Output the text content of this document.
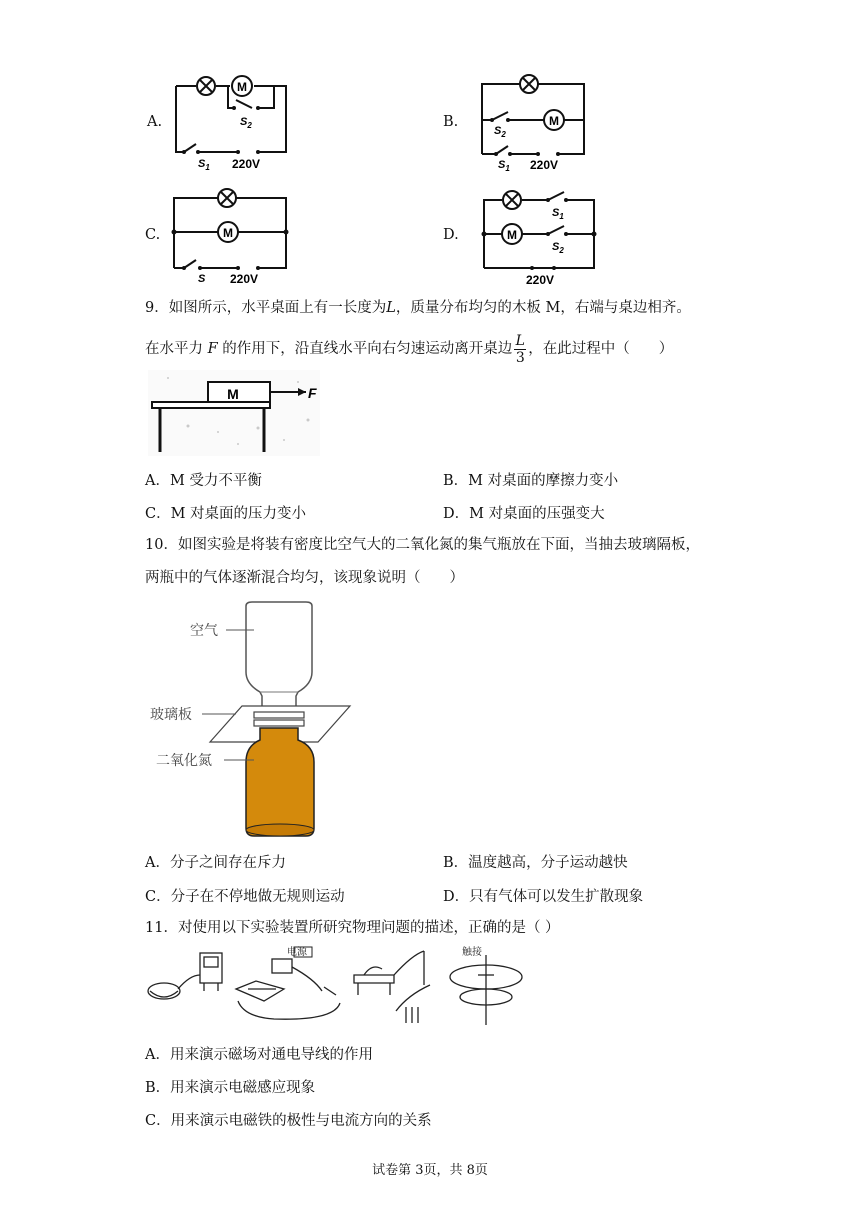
A.
M
$S_2$
$S_1$ 220V
B.	M
$S_2$
$S_1$ 220V
C.	M
S 220V
D.	M
$S_1$
$S_2$
220V
9．如图所示，水平桌面上有一长度为L，质量分布均匀的木板 M，右端与桌边相齐。
在水平力
F
的作用下，沿直线水平向右匀速运动离开桌边 $\frac{L}{3}$ ，在此过程中（　　）
M	F
A．M 受力不平衡	B．M 对桌面的摩擦力变小
C．M 对桌面的压力变小	D．M 对桌面的压强变大
10．如图实验是将装有密度比空气大的二氧化氮的集气瓶放在下面，当抽去玻璃隔板，
两瓶中的气体逐渐混合均匀，该现象说明（　　）
空气
玻璃板
二氧化氮
A．分子之间存在斥力	B．温度越高，分子运动越快
C．分子在不停地做无规则运动	D．只有气体可以发生扩散现象
11．对使用以下实验装置所研究物理问题的描述，正确的是（ ）
电源	触接
A．用来演示磁场对通电导线的作用
B．用来演示电磁感应现象
C．用来演示电磁铁的极性与电流方向的关系
试卷第 3页，共 8页
